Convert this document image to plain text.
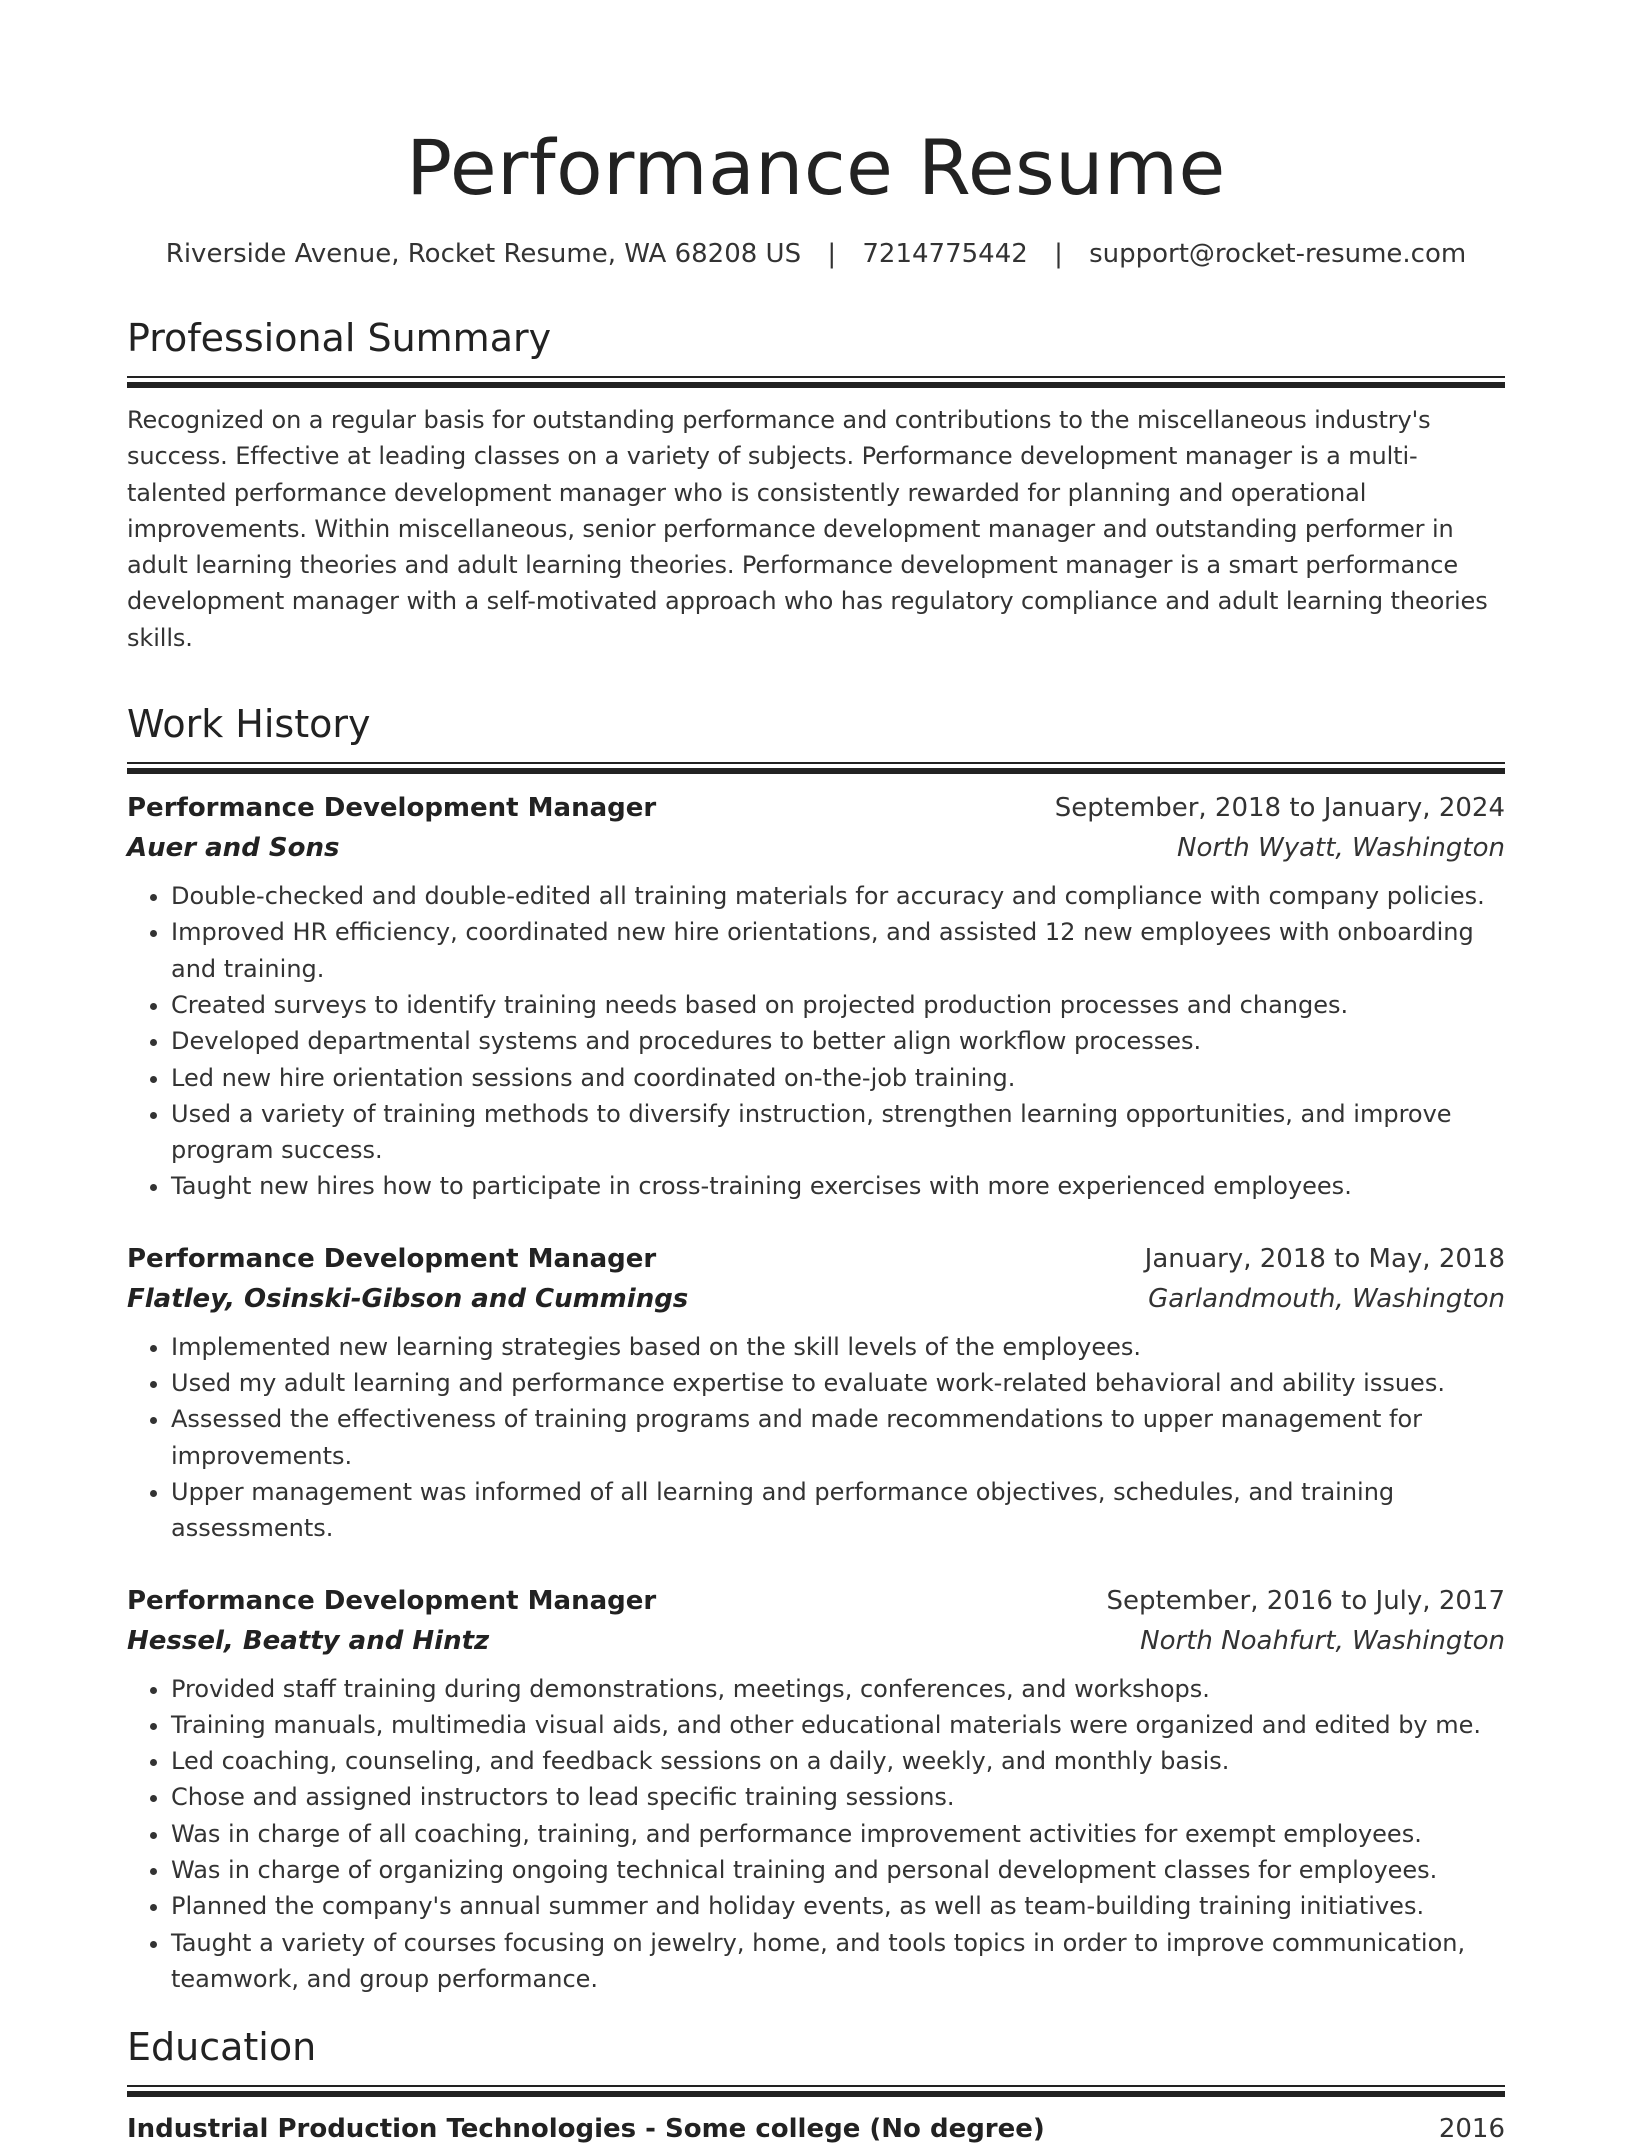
Performance Resume
Riverside Avenue, Rocket Resume, WA 68208 US | 7214775442 | support@rocket-resume.com
Professional Summary
Recognized on a regular basis for outstanding performance and contributions to the miscellaneous industry's success. Effective at leading classes on a variety of subjects. Performance development manager is a multi-talented performance development manager who is consistently rewarded for planning and operational improvements. Within miscellaneous, senior performance development manager and outstanding performer in adult learning theories and adult learning theories. Performance development manager is a smart performance development manager with a self-motivated approach who has regulatory compliance and adult learning theories skills.
Work History
Performance Development Manager	September, 2018 to January, 2024
Auer and Sons	North Wyatt, Washington
• Double-checked and double-edited all training materials for accuracy and compliance with company policies.
• Improved HR efficiency, coordinated new hire orientations, and assisted 12 new employees with onboarding and training.
• Created surveys to identify training needs based on projected production processes and changes.
• Developed departmental systems and procedures to better align workflow processes.
• Led new hire orientation sessions and coordinated on-the-job training.
• Used a variety of training methods to diversify instruction, strengthen learning opportunities, and improve program success.
• Taught new hires how to participate in cross-training exercises with more experienced employees.
Performance Development Manager	January, 2018 to May, 2018
Flatley, Osinski-Gibson and Cummings	Garlandmouth, Washington
• Implemented new learning strategies based on the skill levels of the employees.
• Used my adult learning and performance expertise to evaluate work-related behavioral and ability issues.
• Assessed the effectiveness of training programs and made recommendations to upper management for improvements.
• Upper management was informed of all learning and performance objectives, schedules, and training assessments.
Performance Development Manager	September, 2016 to July, 2017
Hessel, Beatty and Hintz	North Noahfurt, Washington
• Provided staff training during demonstrations, meetings, conferences, and workshops.
• Training manuals, multimedia visual aids, and other educational materials were organized and edited by me.
• Led coaching, counseling, and feedback sessions on a daily, weekly, and monthly basis.
• Chose and assigned instructors to lead specific training sessions.
• Was in charge of all coaching, training, and performance improvement activities for exempt employees.
• Was in charge of organizing ongoing technical training and personal development classes for employees.
• Planned the company's annual summer and holiday events, as well as team-building training initiatives.
• Taught a variety of courses focusing on jewelry, home, and tools topics in order to improve communication, teamwork, and group performance.
Education
Industrial Production Technologies - Some college (No degree)	2016
